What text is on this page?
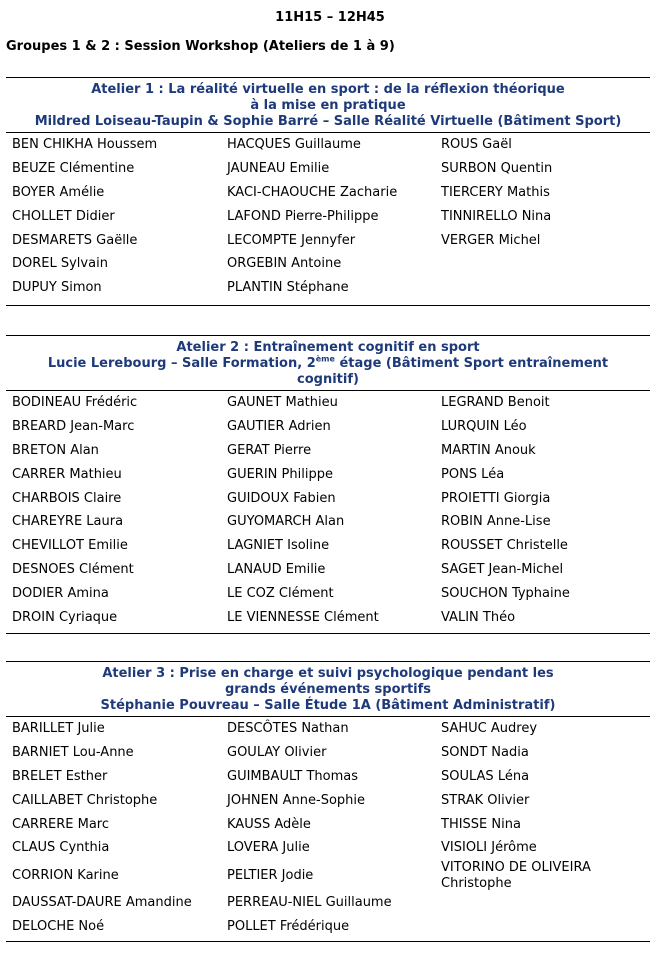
11H15 – 12H45
Groupes 1 & 2 : Session Workshop (Ateliers de 1 à 9)
Atelier 1 : La réalité virtuelle en sport : de la réflexion théorique
à la mise en pratique
Mildred Loiseau-Taupin & Sophie Barré – Salle Réalité Virtuelle (Bâtiment Sport)
BEN CHIKHA Houssem
BEUZE Clémentine
BOYER Amélie
CHOLLET Didier
DESMARETS Gaëlle
DOREL Sylvain
DUPUY Simon
HACQUES Guillaume
JAUNEAU Emilie
KACI-CHAOUCHE Zacharie
LAFOND Pierre-Philippe
LECOMPTE Jennyfer
ORGEBIN Antoine
PLANTIN Stéphane
ROUS Gaël
SURBON Quentin
TIERCERY Mathis
TINNIRELLO Nina
VERGER Michel
Atelier 2 : Entraînement cognitif en sport
Lucie Lerebourg – Salle Formation, 2ème étage (Bâtiment Sport entraînement
cognitif)
BODINEAU Frédéric
BREARD Jean-Marc
BRETON Alan
CARRER Mathieu
CHARBOIS Claire
CHAREYRE Laura
CHEVILLOT Emilie
DESNOES Clément
DODIER Amina
DROIN Cyriaque
GAUNET Mathieu
GAUTIER Adrien
GERAT Pierre
GUERIN Philippe
GUIDOUX Fabien
GUYOMARCH Alan
LAGNIET Isoline
LANAUD Emilie
LE COZ Clément
LE VIENNESSE Clément
LEGRAND Benoit
LURQUIN Léo
MARTIN Anouk
PONS Léa
PROIETTI Giorgia
ROBIN Anne-Lise
ROUSSET Christelle
SAGET Jean-Michel
SOUCHON Typhaine
VALIN Théo
Atelier 3 : Prise en charge et suivi psychologique pendant les
grands événements sportifs
Stéphanie Pouvreau – Salle Étude 1A (Bâtiment Administratif)
BARILLET Julie
BARNIET Lou-Anne
BRELET Esther
CAILLABET Christophe
CARRERE Marc
CLAUS Cynthia
CORRION Karine
DAUSSAT-DAURE Amandine
DELOCHE Noé
DESCÔTES Nathan
GOULAY Olivier
GUIMBAULT Thomas
JOHNEN Anne-Sophie
KAUSS Adèle
LOVERA Julie
PELTIER Jodie
PERREAU-NIEL Guillaume
POLLET Frédérique
SAHUC Audrey
SONDT Nadia
SOULAS Léna
STRAK Olivier
THISSE Nina
VISIOLI Jérôme
VITORINO DE OLIVEIRA
Christophe
